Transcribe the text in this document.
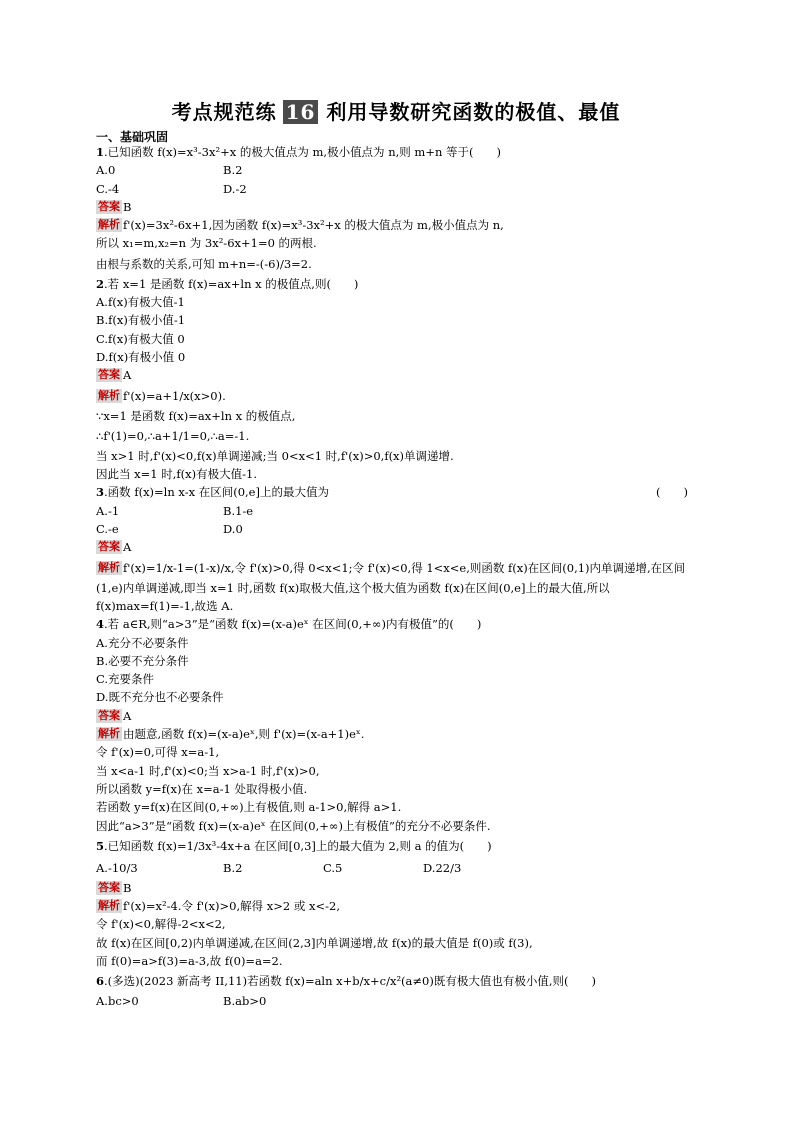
考点规范练 16 利用导数研究函数的极值、最值
一、基础巩固
1.已知函数 f(x)=x³-3x²+x 的极大值点为 m,极小值点为 n,则 m+n 等于(　　)
A.0	B.2
C.-4	D.-2
答案 B
解析 f'(x)=3x²-6x+1,因为函数 f(x)=x³-3x²+x 的极大值点为 m,极小值点为 n,
所以 x₁=m,x₂=n 为 3x²-6x+1=0 的两根.
由根与系数的关系,可知 m+n=-(-6)/3=2.
2.若 x=1 是函数 f(x)=ax+ln x 的极值点,则(　　)
A.f(x)有极大值-1
B.f(x)有极小值-1
C.f(x)有极大值 0
D.f(x)有极小值 0
答案 A
解析 f'(x)=a+1/x(x>0).
∵x=1 是函数 f(x)=ax+ln x 的极值点,
∴f'(1)=0,∴a+1/1=0,∴a=-1.
当 x>1 时,f'(x)<0,f(x)单调递减;当 0<x<1 时,f'(x)>0,f(x)单调递增.
因此当 x=1 时,f(x)有极大值-1.
3.函数 f(x)=ln x-x 在区间(0,e]上的最大值为	(　　)
A.-1	B.1-e
C.-e	D.0
答案 A
解析 f'(x)=1/x-1=(1-x)/x,令 f'(x)>0,得 0<x<1;令 f'(x)<0,得 1<x<e,则函数 f(x)在区间(0,1)内单调递增,在区间
(1,e)内单调递减,即当 x=1 时,函数 f(x)取极大值,这个极大值为函数 f(x)在区间(0,e]上的最大值,所以
f(x)max=f(1)=-1,故选 A.
4.若 a∈R,则“a>3”是“函数 f(x)=(x-a)eˣ 在区间(0,+∞)内有极值”的(　　)
A.充分不必要条件
B.必要不充分条件
C.充要条件
D.既不充分也不必要条件
答案 A
解析 由题意,函数 f(x)=(x-a)eˣ,则 f'(x)=(x-a+1)eˣ.
令 f'(x)=0,可得 x=a-1,
当 x<a-1 时,f'(x)<0;当 x>a-1 时,f'(x)>0,
所以函数 y=f(x)在 x=a-1 处取得极小值.
若函数 y=f(x)在区间(0,+∞)上有极值,则 a-1>0,解得 a>1.
因此“a>3”是“函数 f(x)=(x-a)eˣ 在区间(0,+∞)上有极值”的充分不必要条件.
5.已知函数 f(x)=1/3x³-4x+a 在区间[0,3]上的最大值为 2,则 a 的值为(　　)
A.-10/3	B.2	C.5	D.22/3
答案 B
解析 f'(x)=x²-4.令 f'(x)>0,解得 x>2 或 x<-2,
令 f'(x)<0,解得-2<x<2,
故 f(x)在区间[0,2)内单调递减,在区间(2,3]内单调递增,故 f(x)的最大值是 f(0)或 f(3),
而 f(0)=a>f(3)=a-3,故 f(0)=a=2.
6.(多选)(2023 新高考 II,11)若函数 f(x)=aln x+b/x+c/x²(a≠0)既有极大值也有极小值,则(　　)
A.bc>0	B.ab>0
